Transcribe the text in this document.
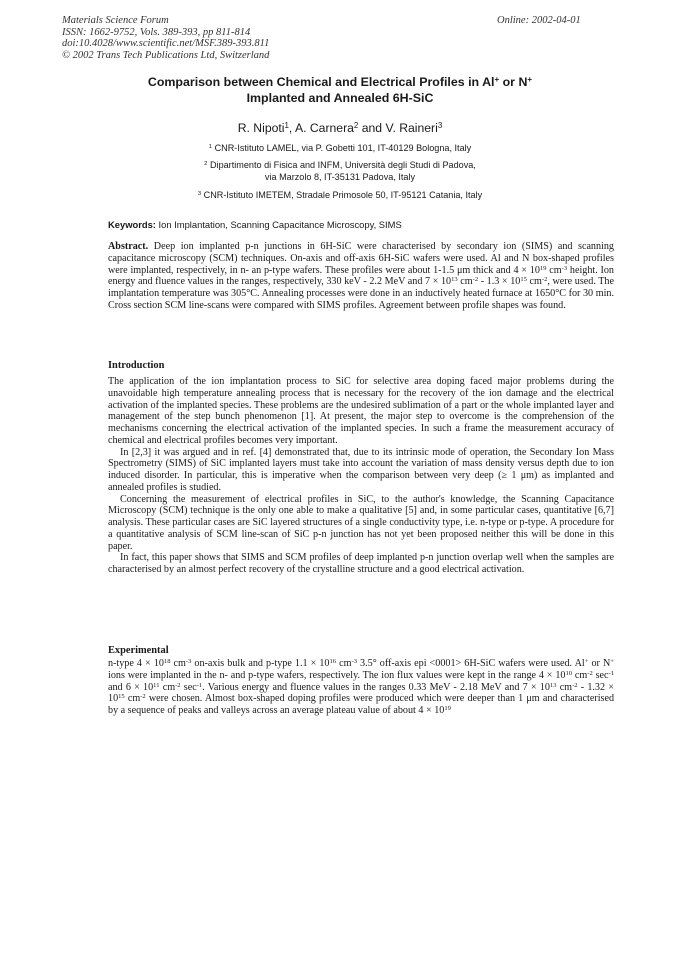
Materials Science Forum
ISSN: 1662-9752, Vols. 389-393, pp 811-814
doi:10.4028/www.scientific.net/MSF.389-393.811
© 2002 Trans Tech Publications Ltd, Switzerland
Online: 2002-04-01
Comparison between Chemical and Electrical Profiles in Al+ or N+
Implanted and Annealed 6H-SiC
R. Nipoti$^1$, A. Carnera$^2$ and V. Raineri$^3$
$^1$ CNR-Istituto LAMEL, via P. Gobetti 101, IT-40129 Bologna, Italy
$^2$ Dipartimento di Fisica and INFM, Università degli Studi di Padova,
via Marzolo 8, IT-35131 Padova, Italy
$^3$ CNR-Istituto IMETEM, Stradale Primosole 50, IT-95121 Catania, Italy
Keywords: Ion Implantation, Scanning Capacitance Microscopy, SIMS

Abstract. Deep ion implanted p-n junctions in 6H-SiC were characterised by secondary ion (SIMS) and scanning capacitance microscopy (SCM) techniques. On-axis and off-axis 6H-SiC wafers were used. Al and N box-shaped profiles were implanted, respectively, in n- an p-type wafers. These profiles were about 1-1.5 μm thick and $4 \times 10^{19}$ $cm^{-3}$ height. Ion energy and fluence values in the ranges, respectively, 330 keV - 2.2 MeV and $7 \times 10^{13}$ $cm^{-2} - 1.3 \times 10^{15}$ $cm^{-2}$, were used. The implantation temperature was 305°C. Annealing processes were done in an inductively heated furnace at 1650°C for 30 min. Cross section SCM line-scans were compared with SIMS profiles. Agreement between profile shapes was found.

Introduction

The application of the ion implantation process to SiC for selective area doping faced major problems during the unavoidable high temperature annealing process that is necessary for the recovery of the ion damage and the electrical activation of the implanted species. These problems are the undesired sublimation of a part or the whole implanted layer and management of the step bunch phenomenon [1]. At present, the major step to overcome is the comprehension of the mechanisms concerning the electrical activation of the implanted species. In such a frame the measurement accuracy of chemical and electrical profiles becomes very important.

In [2,3] it was argued and in ref. [4] demonstrated that, due to its intrinsic mode of operation, the Secondary Ion Mass Spectrometry (SIMS) of SiC implanted layers must take into account the variation of mass density versus depth due to ion induced disorder. In particular, this is imperative when the comparison between very deep (≥ 1 μm) as implanted and annealed profiles is studied.

Concerning the measurement of electrical profiles in SiC, to the author's knowledge, the Scanning Capacitance Microscopy (SCM) technique is the only one able to make a qualitative [5] and, in some particular cases, quantitative [6,7] analysis. These particular cases are SiC layered structures of a single conductivity type, i.e. n-type or p-type. A procedure for a quantitative analysis of SCM line-scan of SiC p-n junction has not yet been proposed neither this will be done in this paper.

In fact, this paper shows that SIMS and SCM profiles of deep implanted p-n junction overlap well when the samples are characterised by an almost perfect recovery of the crystalline structure and a good electrical activation.

Experimental

n-type $4 \times 10^{18}$ $cm^{-3}$ on-axis bulk and p-type $1.1 \times 10^{16}$ $cm^{-3}$ 3.5° off-axis epi <0001> 6H-SiC wafers were used. Al+ or N+ ions were implanted in the n- and p-type wafers, respectively. The ion flux values were kept in the range $4 \times 10^{10}$ $cm^{-2}$ $\sec^{-1}$ and $6 \times 10^{11}$ $cm^{-2}$ $\sec^{-1}$. Various energy and fluence values in the ranges 0.33 MeV - 2.18 MeV and $7 \times 10^{13}$ $cm^{-2} - 1.32 \times 10^{15}$ $cm^{-2}$ were chosen. Almost box-shaped doping profiles were produced which were deeper than 1 μm and characterised by a sequence of peaks and valleys across an average plateau value of about $4 \times 10^{19}$
